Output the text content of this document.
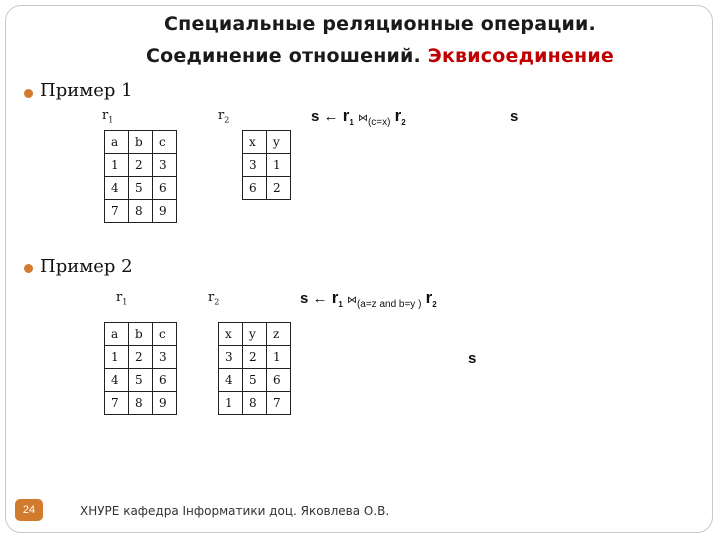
Специальные реляционные операции.
Соединение отношений. Эквисоединение
Пример 1
$r_1$	$r_2$	s ← $r_1$ $⋈_{(c=x)}$ $r_2$	s
a	b	c
1	2	3
4	5	6
7	8	9
x	y
3	1
6	2
Пример 2
$r_1$	$r_2$	s ← $r_1$ $⋈_{(a=z and b=y )}$ $r_2$
s
a	b	c
1	2	3
4	5	6
7	8	9
x	y	z
3	2	1
4	5	6
1	8	7
24	ХНУРЕ кафедра Інформатики доц. Яковлева О.В.
